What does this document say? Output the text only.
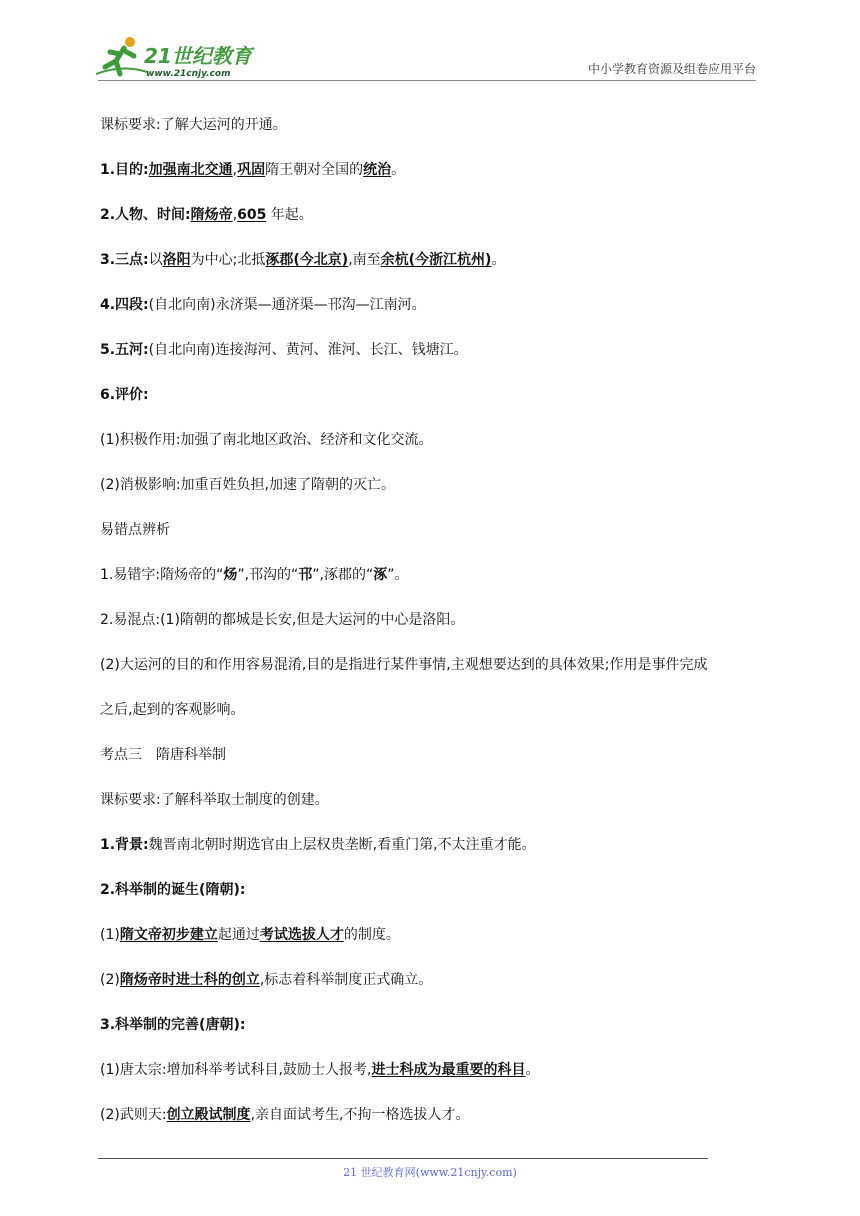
21世纪教育
www.21cnjy.com	中小学教育资源及组卷应用平台
课标要求:了解大运河的开通。
1.目的:加强南北交通,巩固隋王朝对全国的统治。
2.人物、时间:隋炀帝,605 年起。
3.三点:以洛阳为中心;北抵涿郡(今北京),南至余杭(今浙江杭州)。
4.四段:(自北向南)永济渠—通济渠—邗沟—江南河。
5.五河:(自北向南)连接海河、黄河、淮河、长江、钱塘江。
6.评价:
(1)积极作用:加强了南北地区政治、经济和文化交流。
(2)消极影响:加重百姓负担,加速了隋朝的灭亡。
易错点辨析
1.易错字:隋炀帝的“炀”,邗沟的“邗”,涿郡的“涿”。
2.易混点:(1)隋朝的都城是长安,但是大运河的中心是洛阳。
(2)大运河的目的和作用容易混淆,目的是指进行某件事情,主观想要达到的具体效果;作用是事件完成
之后,起到的客观影响。
考点三　隋唐科举制
课标要求:了解科举取士制度的创建。
1.背景:魏晋南北朝时期选官由上层权贵垄断,看重门第,不太注重才能。
2.科举制的诞生(隋朝):
(1)隋文帝初步建立起通过考试选拔人才的制度。
(2)隋炀帝时进士科的创立,标志着科举制度正式确立。
3.科举制的完善(唐朝):
(1)唐太宗:增加科举考试科目,鼓励士人报考,进士科成为最重要的科目。
(2)武则天:创立殿试制度,亲自面试考生,不拘一格选拔人才。
21 世纪教育网(www.21cnjy.com)
